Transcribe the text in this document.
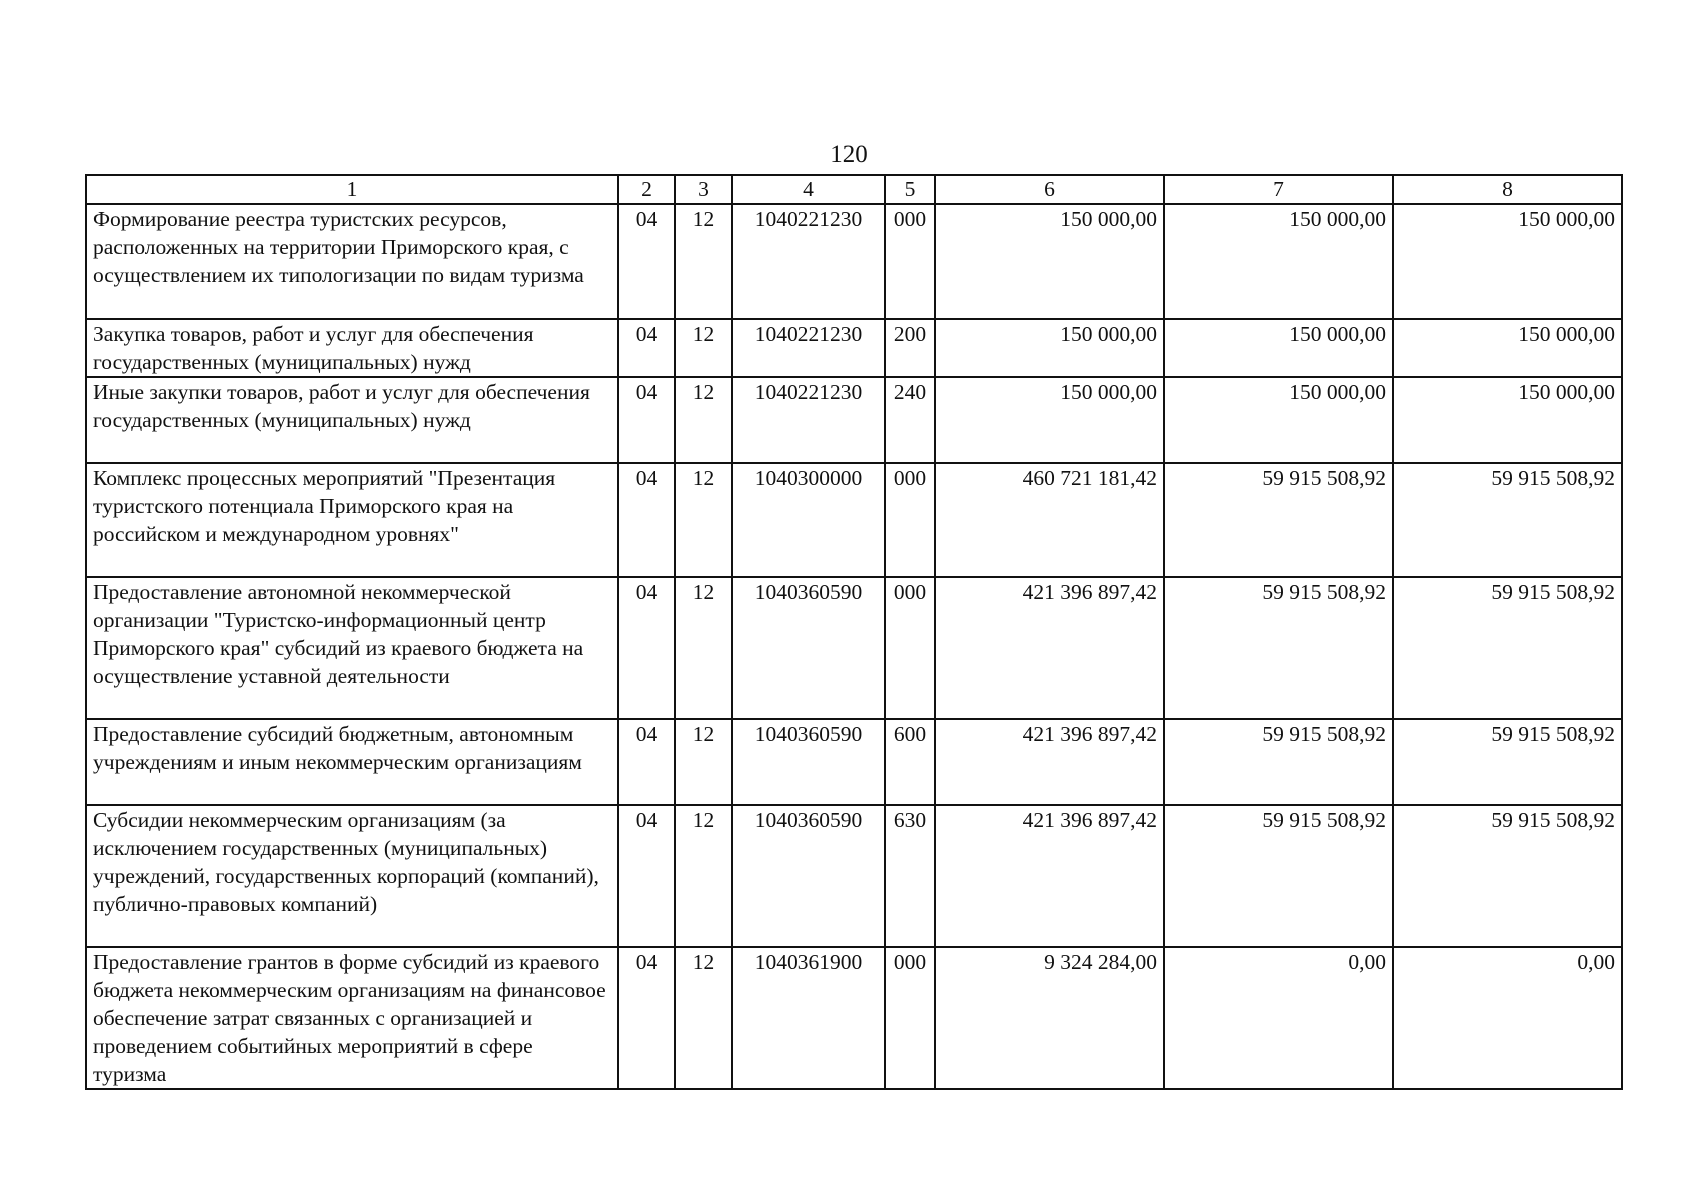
120
1	2	3	4	5	6	7	8
Формирование реестра туристских ресурсов, расположенных на территории Приморского края, с осуществлением их типологизации по видам туризма	04	12	1040221230	000	150 000,00	150 000,00	150 000,00
Закупка товаров, работ и услуг для обеспечения государственных (муниципальных) нужд	04	12	1040221230	200	150 000,00	150 000,00	150 000,00
Иные закупки товаров, работ и услуг для обеспечения государственных (муниципальных) нужд	04	12	1040221230	240	150 000,00	150 000,00	150 000,00
Комплекс процессных мероприятий "Презентация туристского потенциала Приморского края на российском и международном уровнях"	04	12	1040300000	000	460 721 181,42	59 915 508,92	59 915 508,92
Предоставление автономной некоммерческой организации "Туристско-информационный центр Приморского края" субсидий из краевого бюджета на осуществление уставной деятельности	04	12	1040360590	000	421 396 897,42	59 915 508,92	59 915 508,92
Предоставление субсидий бюджетным, автономным учреждениям и иным некоммерческим организациям	04	12	1040360590	600	421 396 897,42	59 915 508,92	59 915 508,92
Субсидии некоммерческим организациям (за исключением государственных (муниципальных) учреждений, государственных корпораций (компаний), публично-правовых компаний)	04	12	1040360590	630	421 396 897,42	59 915 508,92	59 915 508,92
Предоставление грантов в форме субсидий из краевого бюджета некоммерческим организациям на финансовое обеспечение затрат связанных с организацией и проведением событийных мероприятий в сфере туризма	04	12	1040361900	000	9 324 284,00	0,00	0,00
